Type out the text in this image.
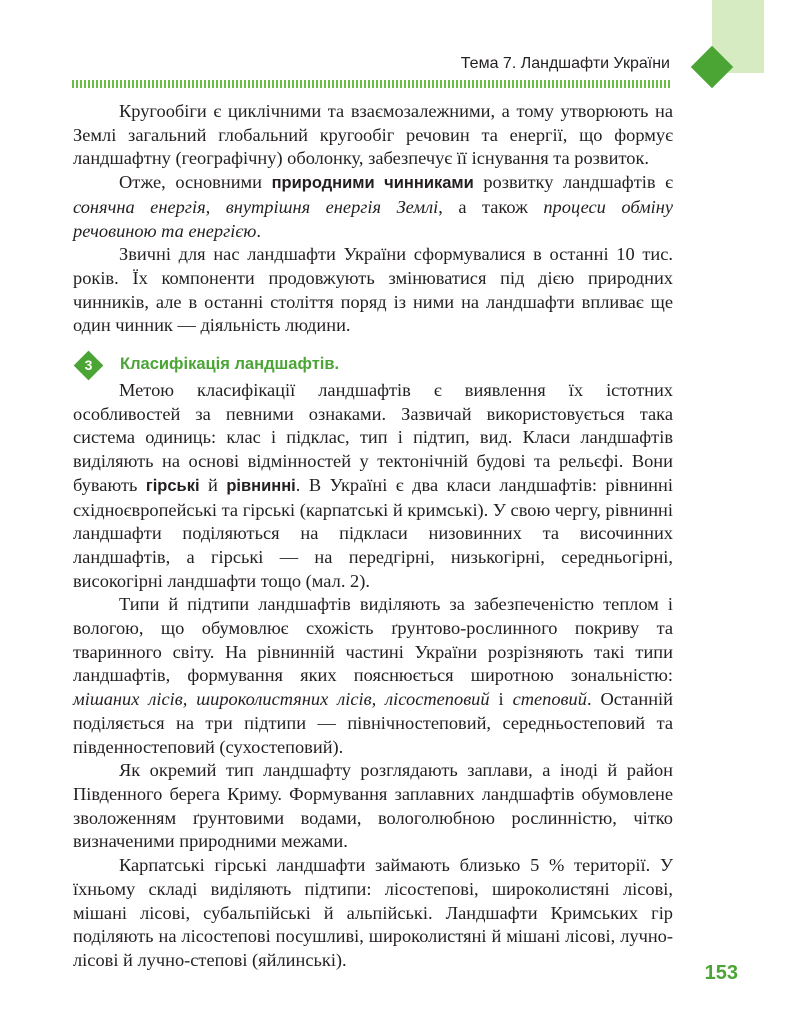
Тема 7. Ландшафти України

Кругообіги є циклічними та взаємозалежними, а тому утворюють на Землі загальний глобальний кругообіг речовин та енергії, що формує ландшафтну (географічну) оболонку, забезпечує її існування та розвиток.

Отже, основними природними чинниками розвитку ландшафтів є сонячна енергія, внутрішня енергія Землі, а також процеси обміну речовиною та енергією.

Звичні для нас ландшафти України сформувалися в останні 10 тис. років. Їх компоненти продовжують змінюватися під дією природних чинників, але в останні століття поряд із ними на ландшафти впливає ще один чинник — діяльність людини.

3	Класифікація ландшафтів.

Метою класифікації ландшафтів є виявлення їх істотних особливостей за певними ознаками. Зазвичай використовується така система одиниць: клас і підклас, тип і підтип, вид. Класи ландшафтів виділяють на основі відмінностей у тектонічній будові та рельєфі. Вони бувають гірські й рівнинні. В Україні є два класи ландшафтів: рівнинні східноєвропейські та гірські (карпатські й кримські). У свою чергу, рівнинні ландшафти поділяються на підкласи низовинних та височинних ландшафтів, а гірські — на передгірні, низькогірні, середньогірні, високогірні ландшафти тощо (мал. 2).

Типи й підтипи ландшафтів виділяють за забезпеченістю теплом і вологою, що обумовлює схожість ґрунтово-рослинного покриву та тваринного світу. На рівнинній частині України розрізняють такі типи ландшафтів, формування яких пояснюється широтною зональністю: мішаних лісів, широколистяних лісів, лісостеповий і степовий. Останній поділяється на три підтипи — північностеповий, середньостеповий та південностеповий (сухостеповий).

Як окремий тип ландшафту розглядають заплави, а іноді й район Південного берега Криму. Формування заплавних ландшафтів обумовлене зволоженням ґрунтовими водами, вологолюбною рослинністю, чітко визначеними природними межами.

Карпатські гірські ландшафти займають близько 5 % території. У їхньому складі виділяють підтипи: лісостепові, широколистяні лісові, мішані лісові, субальпійські й альпійські. Ландшафти Кримських гір поділяють на лісостепові посушливі, широколистяні й мішані лісові, лучно-лісові й лучно-степові (яйлинські).

153
